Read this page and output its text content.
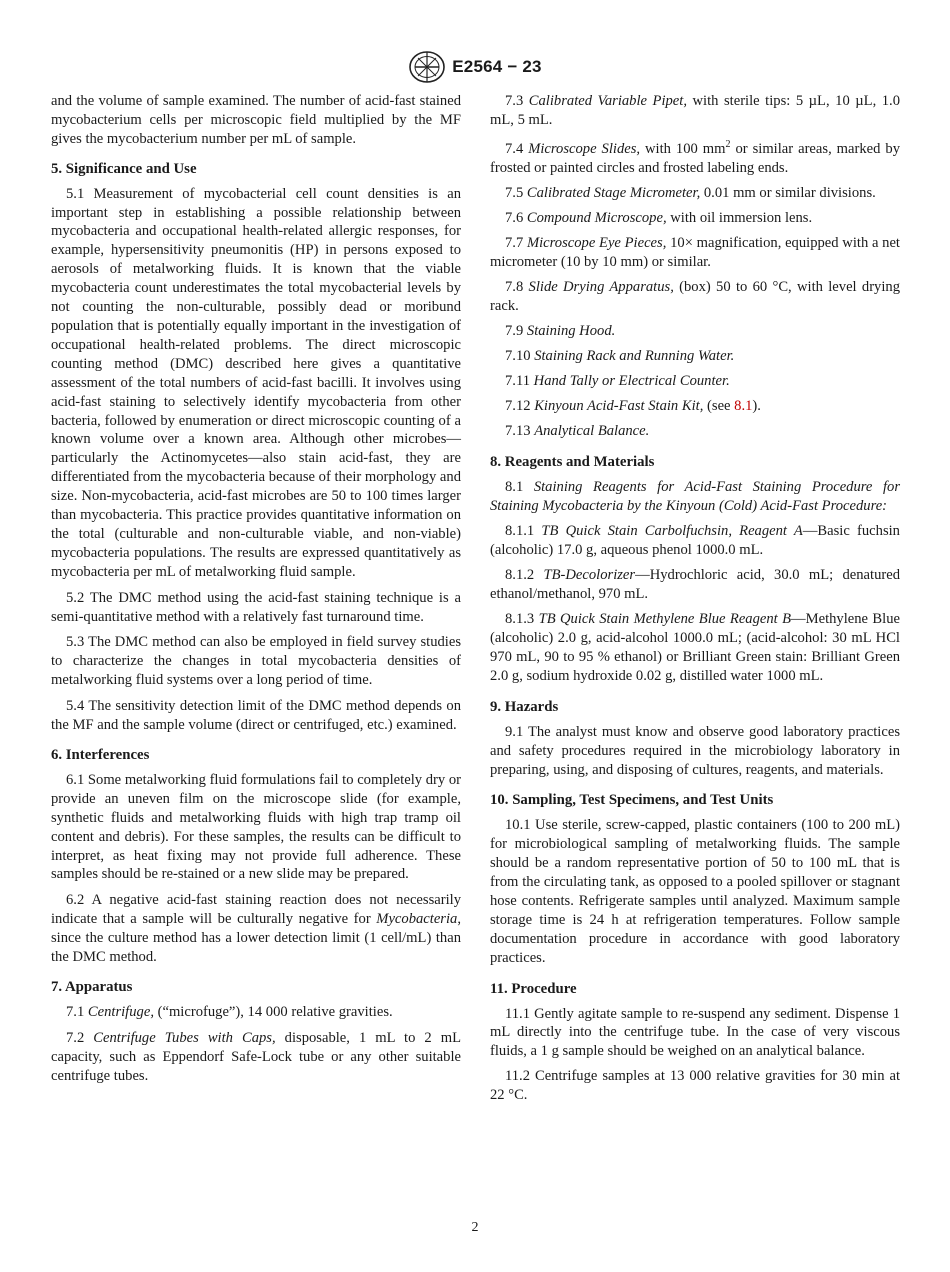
E2564 − 23

and the volume of sample examined. The number of acid-fast stained mycobacterium cells per microscopic field multiplied by the MF gives the mycobacterium number per mL of sample.

5. Significance and Use

5.1 Measurement of mycobacterial cell count densities is an important step in establishing a possible relationship between mycobacteria and occupational health-related allergic responses, for example, hypersensitivity pneumonitis (HP) in persons exposed to aerosols of metalworking fluids. It is known that the viable mycobacteria count underestimates the total mycobacterial levels by not counting the non-culturable, possibly dead or moribund population that is potentially equally important in the investigation of occupational health-related problems. The direct microscopic counting method (DMC) described here gives a quantitative assessment of the total numbers of acid-fast bacilli. It involves using acid-fast staining to selectively identify mycobacteria from other bacteria, followed by enumeration or direct microscopic counting of a known volume over a known area. Although other microbes—particularly the Actinomycetes—also stain acid-fast, they are differentiated from the mycobacteria because of their morphology and size. Non-mycobacteria, acid-fast microbes are 50 to 100 times larger than mycobacteria. This practice provides quantitative information on the total (culturable and non-culturable viable, and non-viable) mycobacteria populations. The results are expressed quantitatively as mycobacteria per mL of metalworking fluid sample.

5.2 The DMC method using the acid-fast staining technique is a semi-quantitative method with a relatively fast turnaround time.

5.3 The DMC method can also be employed in field survey studies to characterize the changes in total mycobacteria densities of metalworking fluid systems over a long period of time.

5.4 The sensitivity detection limit of the DMC method depends on the MF and the sample volume (direct or centrifuged, etc.) examined.

6. Interferences

6.1 Some metalworking fluid formulations fail to completely dry or provide an uneven film on the microscope slide (for example, synthetic fluids and metalworking fluids with high trap tramp oil content and debris). For these samples, the results can be difficult to interpret, as heat fixing may not provide full adherence. These samples should be re-stained or a new slide may be prepared.

6.2 A negative acid-fast staining reaction does not necessarily indicate that a sample will be culturally negative for Mycobacteria, since the culture method has a lower detection limit (1 cell/mL) than the DMC method.

7. Apparatus

7.1 Centrifuge, (“microfuge”), 14 000 relative gravities.

7.2 Centrifuge Tubes with Caps, disposable, 1 mL to 2 mL capacity, such as Eppendorf Safe-Lock tube or any other suitable centrifuge tubes.

7.3 Calibrated Variable Pipet, with sterile tips: 5 µL, 10 µL, 1.0 mL, 5 mL.

7.4 Microscope Slides, with 100 $mm^2$ or similar areas, marked by frosted or painted circles and frosted labeling ends.

7.5 Calibrated Stage Micrometer, 0.01 mm or similar divisions.

7.6 Compound Microscope, with oil immersion lens.

7.7 Microscope Eye Pieces, 10× magnification, equipped with a net micrometer (10 by 10 mm) or similar.

7.8 Slide Drying Apparatus, (box) 50 to 60 °C, with level drying rack.

7.9 Staining Hood.

7.10 Staining Rack and Running Water.

7.11 Hand Tally or Electrical Counter.

7.12 Kinyoun Acid-Fast Stain Kit, (see 8.1).

7.13 Analytical Balance.

8. Reagents and Materials

8.1 Staining Reagents for Acid-Fast Staining Procedure for Staining Mycobacteria by the Kinyoun (Cold) Acid-Fast Procedure:

8.1.1 TB Quick Stain Carbolfuchsin, Reagent A—Basic fuchsin (alcoholic) 17.0 g, aqueous phenol 1000.0 mL.

8.1.2 TB-Decolorizer—Hydrochloric acid, 30.0 mL; denatured ethanol/methanol, 970 mL.

8.1.3 TB Quick Stain Methylene Blue Reagent B—Methylene Blue (alcoholic) 2.0 g, acid-alcohol 1000.0 mL; (acid-alcohol: 30 mL HCl 970 mL, 90 to 95 % ethanol) or Brilliant Green stain: Brilliant Green 2.0 g, sodium hydroxide 0.02 g, distilled water 1000 mL.

9. Hazards

9.1 The analyst must know and observe good laboratory practices and safety procedures required in the microbiology laboratory in preparing, using, and disposing of cultures, reagents, and materials.

10. Sampling, Test Specimens, and Test Units

10.1 Use sterile, screw-capped, plastic containers (100 to 200 mL) for microbiological sampling of metalworking fluids. The sample should be a random representative portion of 50 to 100 mL that is from the circulating tank, as opposed to a pooled spillover or stagnant hose contents. Refrigerate samples until analyzed. Maximum sample storage time is 24 h at refrigeration temperatures. Follow sample documentation procedure in accordance with good laboratory practices.

11. Procedure

11.1 Gently agitate sample to re-suspend any sediment. Dispense 1 mL directly into the centrifuge tube. In the case of very viscous fluids, a 1 g sample should be weighed on an analytical balance.

11.2 Centrifuge samples at 13 000 relative gravities for 30 min at 22 °C.

2
